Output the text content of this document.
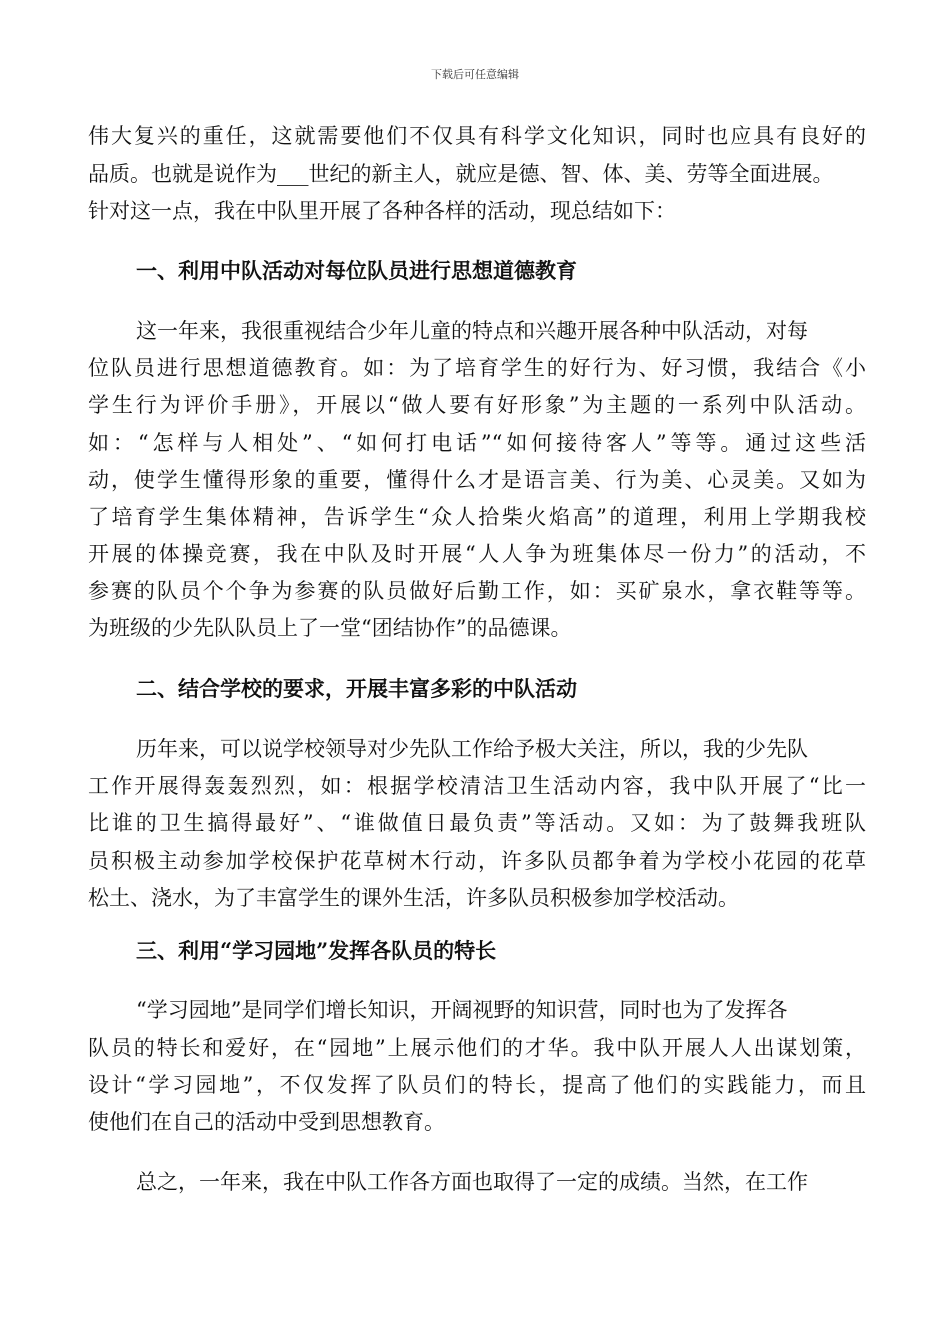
下载后可任意编辑
伟大复兴的重任，这就需要他们不仅具有科学文化知识，同时也应具有良好的
品质。也就是说作为___世纪的新主人，就应是德、智、体、美、劳等全面进展。
针对这一点，我在中队里开展了各种各样的活动，现总结如下：
一、利用中队活动对每位队员进行思想道德教育
这一年来，我很重视结合少年儿童的特点和兴趣开展各种中队活动，对每
位队员进行思想道德教育。如：为了培育学生的好行为、好习惯，我结合《小
学生行为评价手册》，开展以“做人要有好形象”为主题的一系列中队活动。
如：“怎样与人相处”、“如何打电话”“如何接待客人”等等。通过这些活
动，使学生懂得形象的重要，懂得什么才是语言美、行为美、心灵美。又如为
了培育学生集体精神，告诉学生“众人拾柴火焰高”的道理，利用上学期我校
开展的体操竞赛，我在中队及时开展“人人争为班集体尽一份力”的活动，不
参赛的队员个个争为参赛的队员做好后勤工作，如：买矿泉水，拿衣鞋等等。
为班级的少先队队员上了一堂“团结协作”的品德课。
二、结合学校的要求，开展丰富多彩的中队活动
历年来，可以说学校领导对少先队工作给予极大关注，所以，我的少先队
工作开展得轰轰烈烈，如：根据学校清洁卫生活动内容，我中队开展了“比一
比谁的卫生搞得最好”、“谁做值日最负责”等活动。又如：为了鼓舞我班队
员积极主动参加学校保护花草树木行动，许多队员都争着为学校小花园的花草
松土、浇水，为了丰富学生的课外生活，许多队员积极参加学校活动。
三、利用“学习园地”发挥各队员的特长
“学习园地”是同学们增长知识，开阔视野的知识营，同时也为了发挥各
队员的特长和爱好，在“园地”上展示他们的才华。我中队开展人人出谋划策，
设计“学习园地”，不仅发挥了队员们的特长，提高了他们的实践能力，而且
使他们在自己的活动中受到思想教育。
总之，一年来，我在中队工作各方面也取得了一定的成绩。当然，在工作
